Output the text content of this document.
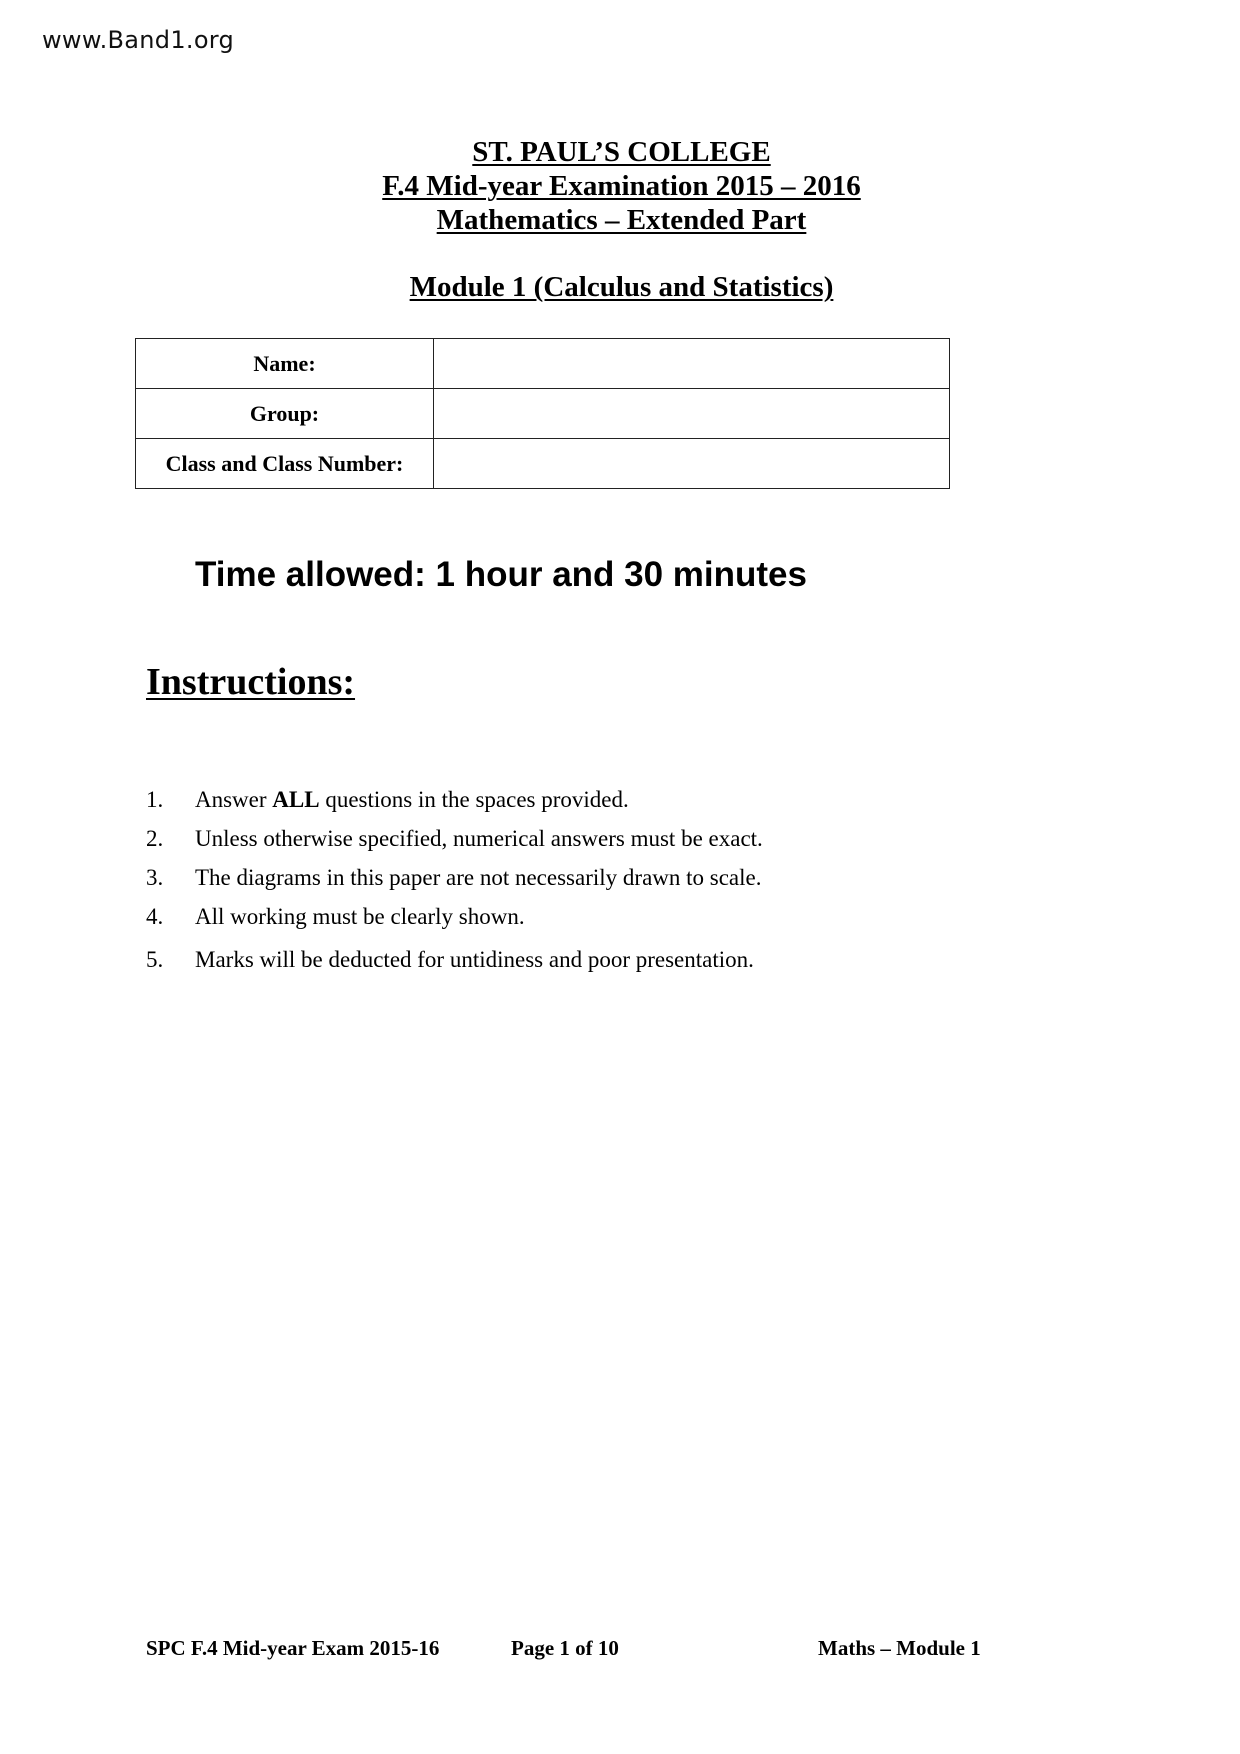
www.Band1.org
ST. PAUL’S COLLEGE
F.4 Mid-year Examination 2015 – 2016
Mathematics – Extended Part
Module 1 (Calculus and Statistics)
Name:	
Group:	
Class and Class Number:	
Time allowed: 1 hour and 30 minutes
Instructions:
1. Answer ALL questions in the spaces provided.
2. Unless otherwise specified, numerical answers must be exact.
3. The diagrams in this paper are not necessarily drawn to scale.
4. All working must be clearly shown.
5. Marks will be deducted for untidiness and poor presentation.
SPC F.4 Mid-year Exam 2015-16	Page 1 of 10	Maths – Module 1
